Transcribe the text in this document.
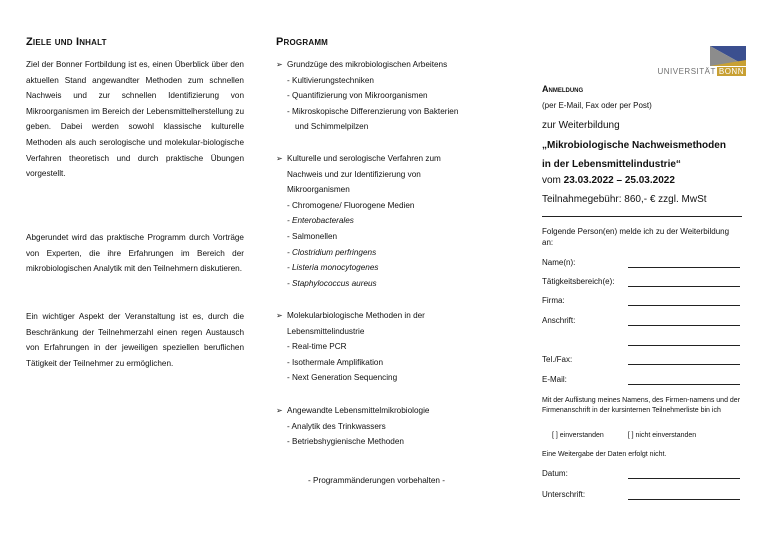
Ziele und Inhalt

Ziel der Bonner Fortbildung ist es, einen Überblick über den aktuellen Stand angewandter Methoden zum schnellen Nachweis und zur schnellen Identifizierung von Mikroorganismen im Bereich der Lebensmittelherstellung zu geben. Dabei werden sowohl klassische kulturelle Methoden als auch serologische und molekular-biologische Verfahren theoretisch und durch praktische Übungen vorgestellt.

Abgerundet wird das praktische Programm durch Vorträge von Experten, die ihre Erfahrungen im Bereich der mikrobiologischen Analytik mit den Teilnehmern diskutieren.

Ein wichtiger Aspekt der Veranstaltung ist es, durch die Beschränkung der Teilnehmerzahl einen regen Austausch von Erfahrungen in der jeweiligen speziellen beruflichen Tätigkeit der Teilnehmer zu ermöglichen.

Programm
➢ Grundzüge des mikrobiologischen Arbeitens
- Kultivierungstechniken
- Quantifizierung von Mikroorganismen
- Mikroskopische Differenzierung von Bakterien
und Schimmelpilzen
➢ Kulturelle und serologische Verfahren zum Nachweis und zur Identifizierung von Mikroorganismen
- Chromogene/ Fluorogene Medien
- Enterobacterales
- Salmonellen
- Clostridium perfringens
- Listeria monocytogenes
- Staphylococcus aureus
➢ Molekularbiologische Methoden in der Lebensmittelindustrie
- Real-time PCR
- Isothermale Amplifikation
- Next Generation Sequencing
➢ Angewandte Lebensmittelmikrobiologie
- Analytik des Trinkwassers
- Betriebshygienische Methoden
- Programmänderungen vorbehalten -
UNIVERSITÄT BONN
Anmeldung
(per E-Mail, Fax oder per Post)
zur Weiterbildung
„Mikrobiologische Nachweismethoden
in der Lebensmittelindustrie“
vom 23.03.2022 – 25.03.2022
Teilnahmegebühr: 860,- € zzgl. MwSt
Folgende Person(en) melde ich zu der Weiterbildung an:
Name(n):
Tätigkeitsbereich(e):
Firma:
Anschrift:
Tel./Fax:
E-Mail:
Mit der Auflistung meines Namens, des Firmen-namens und der Firmenanschrift in der kursinternen Teilnehmerliste bin ich
[ ] einverstanden	[ ] nicht einverstanden
Eine Weitergabe der Daten erfolgt nicht.
Datum:
Unterschrift:
